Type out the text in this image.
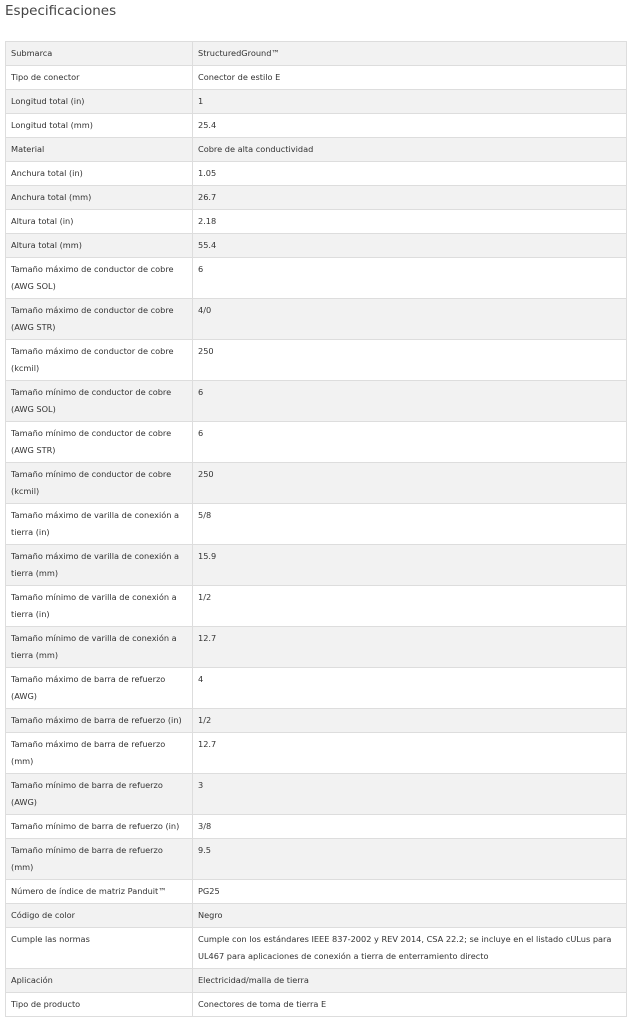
Especificaciones
Submarca	StructuredGround™
Tipo de conector	Conector de estilo E
Longitud total (in)	1
Longitud total (mm)	25.4
Material	Cobre de alta conductividad
Anchura total (in)	1.05
Anchura total (mm)	26.7
Altura total (in)	2.18
Altura total (mm)	55.4
Tamaño máximo de conductor de cobre (AWG SOL)	6
Tamaño máximo de conductor de cobre (AWG STR)	4/0
Tamaño máximo de conductor de cobre (kcmil)	250
Tamaño mínimo de conductor de cobre (AWG SOL)	6
Tamaño mínimo de conductor de cobre (AWG STR)	6
Tamaño mínimo de conductor de cobre (kcmil)	250
Tamaño máximo de varilla de conexión a tierra (in)	5/8
Tamaño máximo de varilla de conexión a tierra (mm)	15.9
Tamaño mínimo de varilla de conexión a tierra (in)	1/2
Tamaño mínimo de varilla de conexión a tierra (mm)	12.7
Tamaño máximo de barra de refuerzo (AWG)	4
Tamaño máximo de barra de refuerzo (in)	1/2
Tamaño máximo de barra de refuerzo (mm)	12.7
Tamaño mínimo de barra de refuerzo (AWG)	3
Tamaño mínimo de barra de refuerzo (in)	3/8
Tamaño mínimo de barra de refuerzo (mm)	9.5
Número de índice de matriz Panduit™	PG25
Código de color	Negro
Cumple las normas	Cumple con los estándares IEEE 837-2002 y REV 2014, CSA 22.2; se incluye en el listado cULus para UL467 para aplicaciones de conexión a tierra de enterramiento directo
Aplicación	Electricidad/malla de tierra
Tipo de producto	Conectores de toma de tierra E
